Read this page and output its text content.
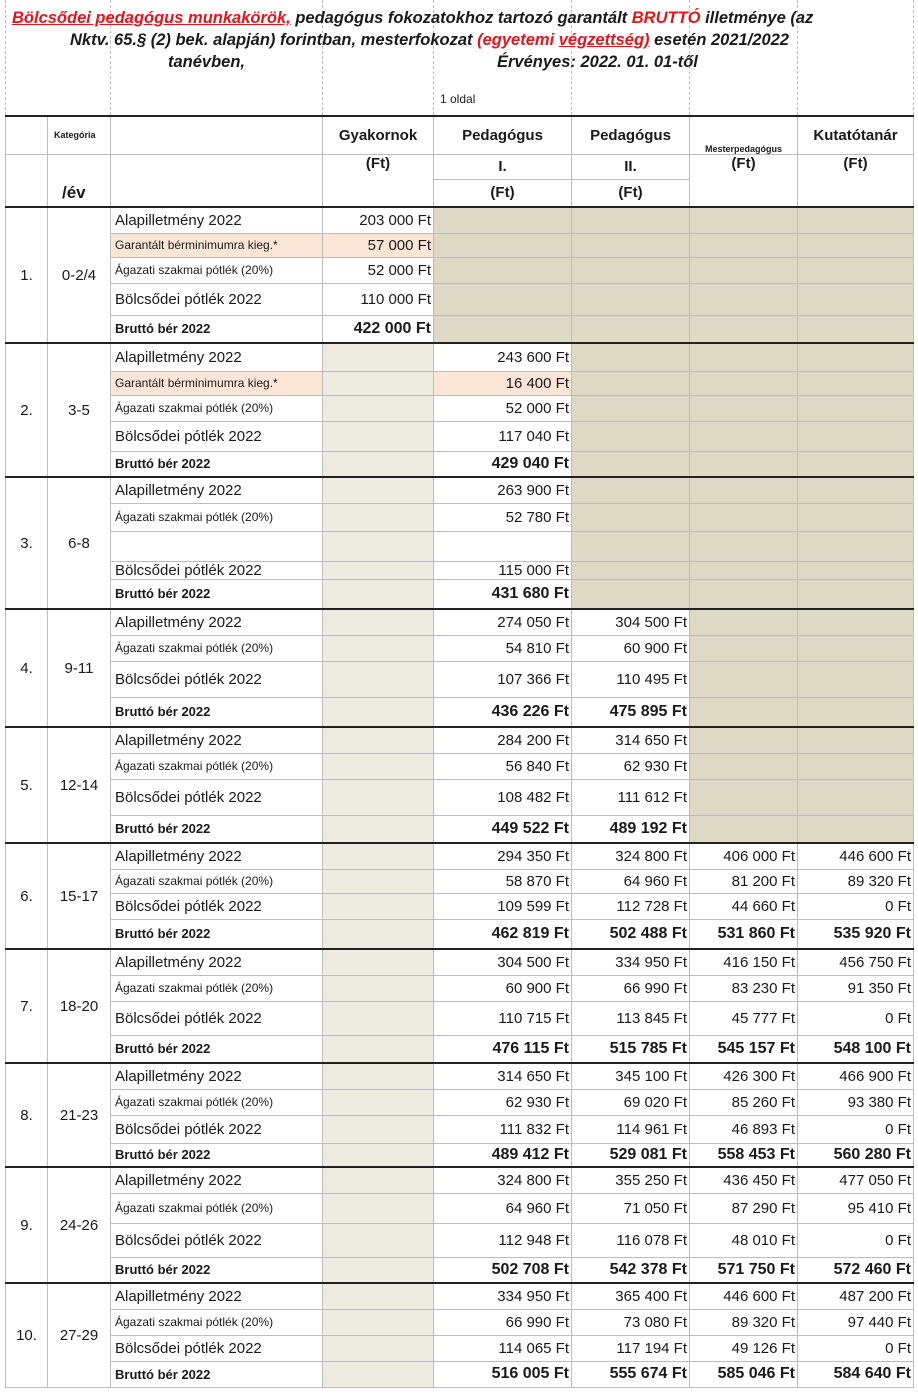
Bölcsődei pedagógus munkakörök, pedagógus fokozatokhoz tartozó garantált BRUTTÓ illetménye (az
Nktv. 65.§ (2) bek. alapján) forintban, mesterfokozat (egyetemi végzettség) esetén 2021/2022
tanévben,	Érvényes: 2022. 01. 01-től
1 oldal
	Kategória		Gyakornok	Pedagógus	Pedagógus	Mesterpedagógus	Kutatótanár
			(Ft)	I.	II.	(Ft)	(Ft)
	/év			(Ft)	(Ft)		
1.	0-2/4	Alapilletmény 2022	203 000 Ft				
		Garantált bérminimumra kieg.*	57 000 Ft				
		Ágazati szakmai pótlék (20%)	52 000 Ft				
		Bölcsődei pótlék 2022	110 000 Ft				
		Bruttó bér 2022	422 000 Ft				
2.	3-5	Alapilletmény 2022		243 600 Ft			
		Garantált bérminimumra kieg.*		16 400 Ft			
		Ágazati szakmai pótlék (20%)		52 000 Ft			
		Bölcsődei pótlék 2022		117 040 Ft			
		Bruttó bér 2022		429 040 Ft			
3.	6-8	Alapilletmény 2022		263 900 Ft			
		Ágazati szakmai pótlék (20%)		52 780 Ft			

		Bölcsődei pótlék 2022		115 000 Ft			
		Bruttó bér 2022		431 680 Ft			
4.	9-11	Alapilletmény 2022		274 050 Ft	304 500 Ft		
		Ágazati szakmai pótlék (20%)		54 810 Ft	60 900 Ft		
		Bölcsődei pótlék 2022		107 366 Ft	110 495 Ft		
		Bruttó bér 2022		436 226 Ft	475 895 Ft		
5.	12-14	Alapilletmény 2022		284 200 Ft	314 650 Ft		
		Ágazati szakmai pótlék (20%)		56 840 Ft	62 930 Ft		
		Bölcsődei pótlék 2022		108 482 Ft	111 612 Ft		
		Bruttó bér 2022		449 522 Ft	489 192 Ft		
6.	15-17	Alapilletmény 2022		294 350 Ft	324 800 Ft	406 000 Ft	446 600 Ft
		Ágazati szakmai pótlék (20%)		58 870 Ft	64 960 Ft	81 200 Ft	89 320 Ft
		Bölcsődei pótlék 2022		109 599 Ft	112 728 Ft	44 660 Ft	0 Ft
		Bruttó bér 2022		462 819 Ft	502 488 Ft	531 860 Ft	535 920 Ft
7.	18-20	Alapilletmény 2022		304 500 Ft	334 950 Ft	416 150 Ft	456 750 Ft
		Ágazati szakmai pótlék (20%)		60 900 Ft	66 990 Ft	83 230 Ft	91 350 Ft
		Bölcsődei pótlék 2022		110 715 Ft	113 845 Ft	45 777 Ft	0 Ft
		Bruttó bér 2022		476 115 Ft	515 785 Ft	545 157 Ft	548 100 Ft
8.	21-23	Alapilletmény 2022		314 650 Ft	345 100 Ft	426 300 Ft	466 900 Ft
		Ágazati szakmai pótlék (20%)		62 930 Ft	69 020 Ft	85 260 Ft	93 380 Ft
		Bölcsődei pótlék 2022		111 832 Ft	114 961 Ft	46 893 Ft	0 Ft
		Bruttó bér 2022		489 412 Ft	529 081 Ft	558 453 Ft	560 280 Ft
9.	24-26	Alapilletmény 2022		324 800 Ft	355 250 Ft	436 450 Ft	477 050 Ft
		Ágazati szakmai pótlék (20%)		64 960 Ft	71 050 Ft	87 290 Ft	95 410 Ft
		Bölcsődei pótlék 2022		112 948 Ft	116 078 Ft	48 010 Ft	0 Ft
		Bruttó bér 2022		502 708 Ft	542 378 Ft	571 750 Ft	572 460 Ft
10.	27-29	Alapilletmény 2022		334 950 Ft	365 400 Ft	446 600 Ft	487 200 Ft
		Ágazati szakmai pótlék (20%)		66 990 Ft	73 080 Ft	89 320 Ft	97 440 Ft
		Bölcsődei pótlék 2022		114 065 Ft	117 194 Ft	49 126 Ft	0 Ft
		Bruttó bér 2022		516 005 Ft	555 674 Ft	585 046 Ft	584 640 Ft
